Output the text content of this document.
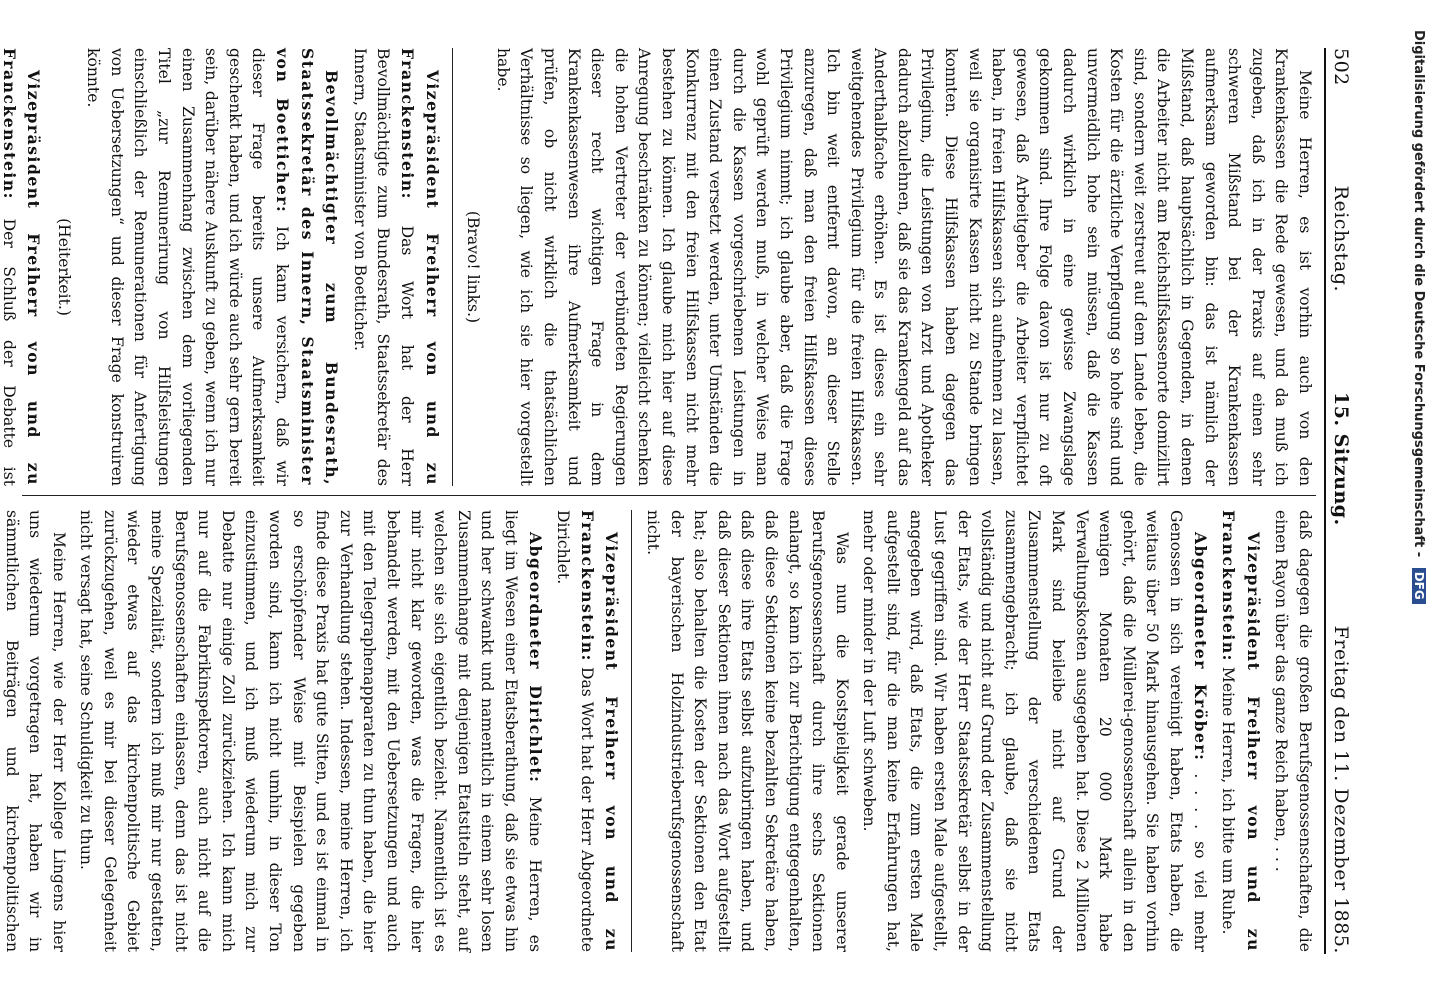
502
Reichstag.
15. Sitzung.
Freitag den 11. Dezember 1885.

Meine Herren, es ist vorhin auch von den Krankenkassen die Rede gewesen, und da muß ich zugeben, daß ich in der Praxis auf einen sehr schweren Mißstand bei der Krankenkassen aufmerksam geworden bin: das ist nämlich der Mißstand, daß hauptsächlich in Gegenden, in denen die Arbeiter nicht am Reichshilfskassenorte domizilirt sind, sondern weit zerstreut auf dem Lande leben, die Kosten für die ärztliche Verpflegung so hohe sind und unvermeidlich hohe sein müssen, daß die Kassen dadurch wirklich in eine gewisse Zwangslage gekommen sind. Ihre Folge davon ist nur zu oft gewesen, daß Arbeitgeber die Arbeiter verpflichtet haben, in freien Hilfskassen sich aufnehmen zu lassen, weil sie organisirte Kassen nicht zu Stande bringen konnten. Diese Hilfskassen haben dagegen das Privilegium, die Leistungen von Arzt und Apotheker dadurch abzulehnen, daß sie das Krankengeld auf das Anderthalbfache erhöhen. Es ist dieses ein sehr weitgehendes Privilegium für die freien Hilfskassen. Ich bin weit entfernt davon, an dieser Stelle anzuregen, daß man den freien Hilfskassen dieses Privilegium nimmt; ich glaube aber, daß die Frage wohl geprüft werden muß, in welcher Weise man durch die Kassen vorgeschriebenen Leistungen in einen Zustand versetzt werden, unter Umständen die Konkurrenz mit den freien Hilfskassen nicht mehr bestehen zu können. Ich glaube mich hier auf diese Anregung beschränken zu können; vielleicht schenken die hohen Vertreter der verbündeten Regierungen dieser recht wichtigen Frage in dem Krankenkassenwesen ihre Aufmerksamkeit und prüfen, ob nicht wirklich die thatsächlichen Verhältnisse so liegen, wie ich sie hier vorgestellt habe.

(Bravo! links.)

Vizepräsident Freiherr von und zu Franckenstein: Das Wort hat der Herr Bevollmächtigte zum Bundesrath, Staatssekretär des Innern, Staatsminister von Boetticher.

Bevollmächtigter zum Bundesrath, Staatssekretär des Innern, Staatsminister von Boetticher: Ich kann versichern, daß wir dieser Frage bereits unsere Aufmerksamkeit geschenkt haben, und ich würde auch sehr gern bereit sein, darüber nähere Auskunft zu geben, wenn ich nur einen Zusammenhang zwischen dem vorliegenden Titel „zur Remunerirung von Hilfsleistungen einschließlich der Remunerationen für Anfertigung von Uebersetzungen“ und dieser Frage konstruiren könnte.

(Heiterkeit.)

Vizepräsident Freiherr von und zu Franckenstein: Der Schluß der Debatte ist

daß dagegen die großen Berufsgenossenschaften, die einen Rayon über das ganze Reich haben, . . .

Vizepräsident Freiherr von und zu Franckenstein: Meine Herren, ich bitte um Ruhe.

Abgeordneter Kröber: . . . . so viel mehr Genossen in sich vereinigt haben, Etats haben, die weitaus über 50 Mark hinausgehen. Sie haben vorhin gehört, daß die Müllerei-genossenschaft allein in den wenigen Monaten 20 000 Mark habe Verwaltungskosten ausgegeben hat. Diese 2 Millionen Mark sind beileibe nicht auf Grund der Zusammenstellung der verschiedenen Etats zusammengebracht; ich glaube, daß sie nicht vollständig und nicht auf Grund der Zusammenstellung der Etats, wie der Herr Staatssekretär selbst in der Lust gegriffen sind. Wir haben ersten Male aufgestellt, angegeben wird, daß Etats, die zum ersten Male aufgestellt sind, für die man keine Erfahrungen hat, mehr oder minder in der Luft schweben.

Was nun die Kostspieligkeit gerade unserer Berufsgenossenschaft durch ihre sechs Sektionen anlangt, so kann ich zur Berichtigung entgegenhalten, daß diese Sektionen keine bezahlten Sekretäre haben, daß diese ihre Etats selbst aufzubringen haben, und daß dieser Sektionen ihnen nach das Wort aufgestellt hat; also behalten die Kosten der Sektionen den Etat der bayerischen Holzindustrieberufsgenossenschaft nicht.

Vizepräsident Freiherr von und zu Franckenstein: Das Wort hat der Herr Abgeordnete Dirichlet.

Abgeordneter Dirichlet: Meine Herren, es liegt im Wesen einer Etatsberathung, daß sie etwas hin und her schwankt und namentlich in einem sehr losen Zusammenhange mit denjenigen Etatstiteln steht, auf welchen sie sich eigentlich bezieht. Namentlich ist es mir nicht klar geworden, was die Fragen, die hier behandelt werden, mit den Uebersetzungen und auch mit den Telegraphenapparaten zu thun haben, die hier zur Verhandlung stehen. Indessen, meine Herren, ich finde diese Praxis hat gute Sitten, und es ist einmal in so erschöpfender Weise mit Beispielen gegeben worden sind, kann ich nicht umhin, in dieser Ton einzustimmen, und ich muß wiederum mich zur Debatte nur einige Zoll zurückziehen. Ich kann mich nur auf die Fabrikinspektoren, auch nicht auf die Berufsgenossenschaften einlassen, denn das ist nicht meine Spezialität, sondern ich muß mir nur gestatten, wieder etwas auf das kirchenpolitische Gebiet zurückzugehen, weil es mir bei dieser Gelegenheit nicht versagt hat, seine Schuldigkeit zu thun.

Meine Herren, wie der Herr Kollege Lingens hier uns wiederum vorgetragen hat, haben wir in sämmtlichen Beiträgen und kirchenpolitischen

Digitalisierung gefördert durch die Deutsche Forschungsgemeinschaft - DFG
